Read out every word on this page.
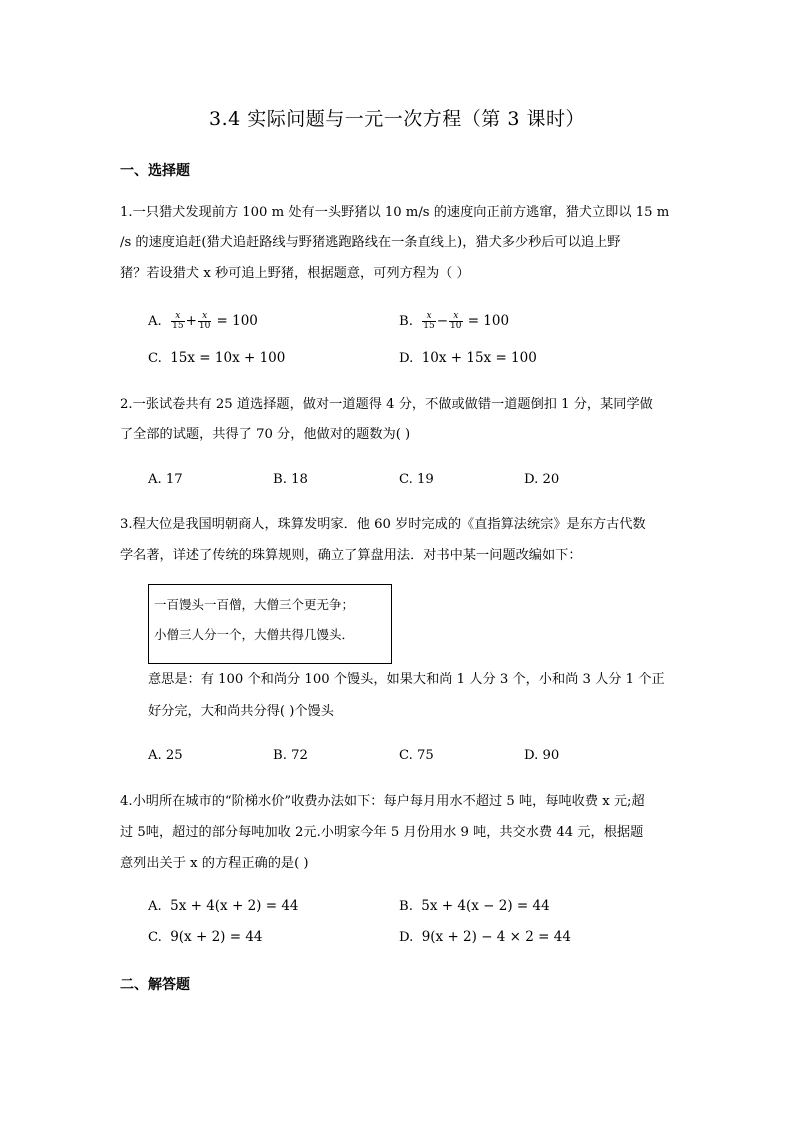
3.4 实际问题与一元一次方程（第 3 课时）
一、选择题
1.一只猎犬发现前方 100 m 处有一头野猪以 10 m/s 的速度向正前方逃窜，猎犬立即以 15 m
/s 的速度追赶(猎犬追赶路线与野猪逃跑路线在一条直线上)，猎犬多少秒后可以追上野
猪？若设猎犬 x 秒可追上野猪，根据题意，可列方程为（ ）
A. $\frac{x}{15} + \frac{x}{10} = 100$	B. $\frac{x}{15} - \frac{x}{10} = 100$
C. 15x = 10x + 100	D. 10x + 15x = 100
2.一张试卷共有 25 道选择题，做对一道题得 4 分，不做或做错一道题倒扣 1 分，某同学做
了全部的试题，共得了 70 分，他做对的题数为( )
A. 17	B. 18	C. 19	D. 20
3.程大位是我国明朝商人，珠算发明家．他 60 岁时完成的《直指算法统宗》是东方古代数
学名著，详述了传统的珠算规则，确立了算盘用法．对书中某一问题改编如下：
一百馒头一百僧，大僧三个更无争；
小僧三人分一个，大僧共得几馒头．
意思是：有 100 个和尚分 100 个馒头，如果大和尚 1 人分 3 个，小和尚 3 人分 1 个正
好分完，大和尚共分得( )个馒头
A. 25	B. 72	C. 75	D. 90
4.小明所在城市的“阶梯水价”收费办法如下：每户每月用水不超过 5 吨，每吨收费 x 元;超
过 5吨，超过的部分每吨加收 2元.小明家今年 5 月份用水 9 吨，共交水费 44 元，根据题
意列出关于 x 的方程正确的是( )
A. 5x + 4(x + 2) = 44	B. 5x + 4(x − 2) = 44
C. 9(x + 2) = 44	D. 9(x + 2) − 4 × 2 = 44
二、解答题
